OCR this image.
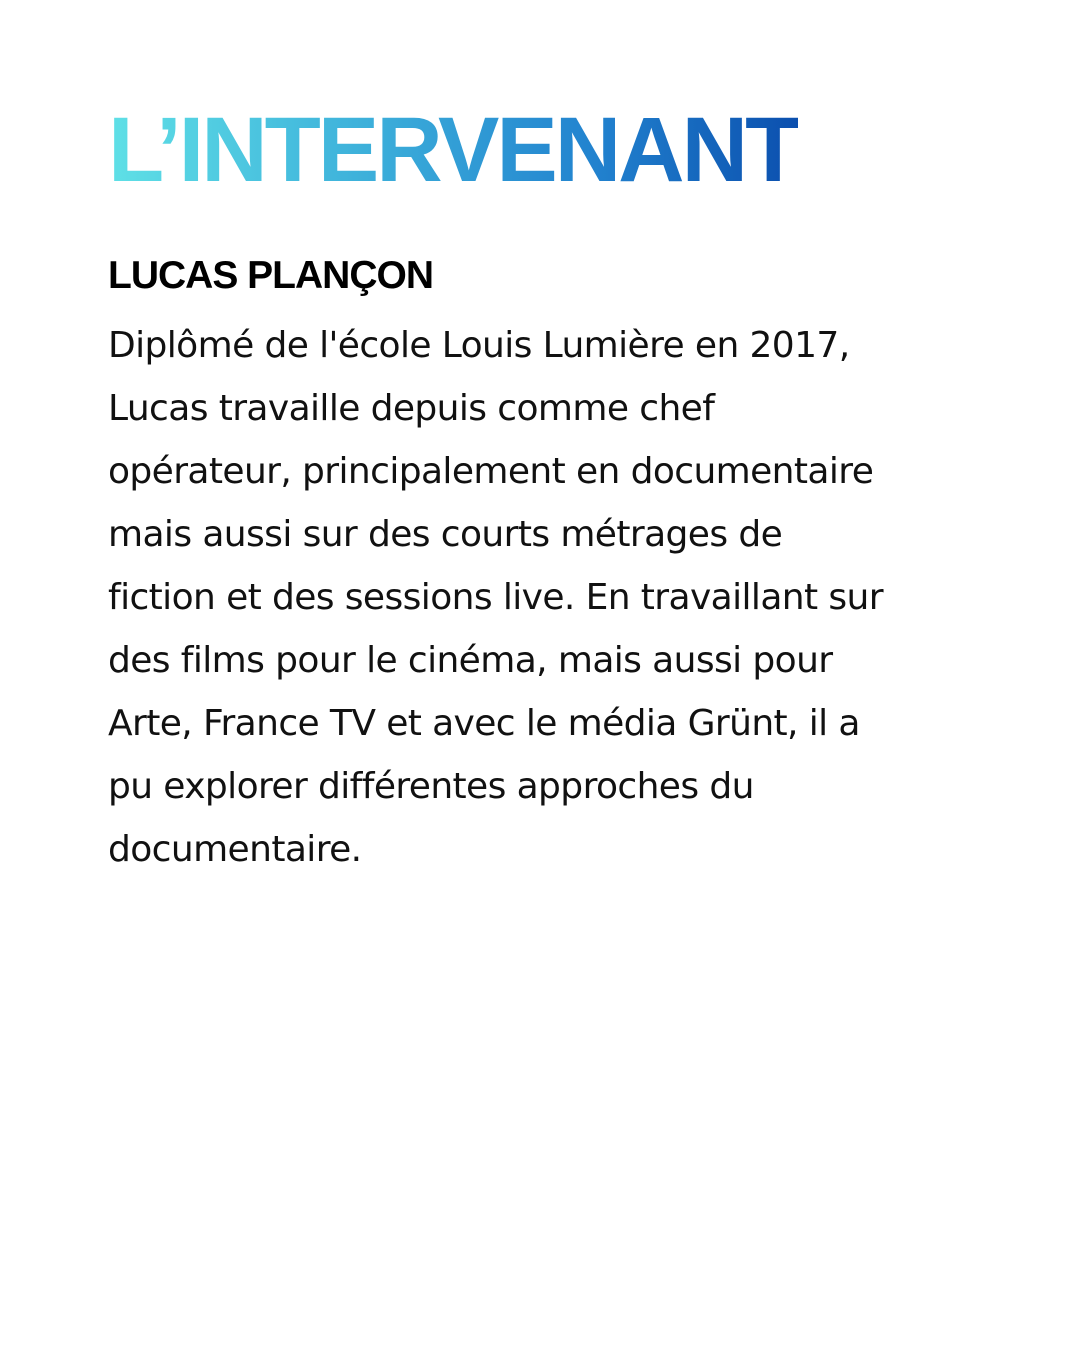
L’INTERVENANT
LUCAS PLANÇON

Diplômé de l'école Louis Lumière en 2017,
Lucas travaille depuis comme chef
opérateur, principalement en documentaire
mais aussi sur des courts métrages de
fiction et des sessions live. En travaillant sur
des films pour le cinéma, mais aussi pour
Arte, France TV et avec le média Grünt, il a
pu explorer différentes approches du
documentaire.
